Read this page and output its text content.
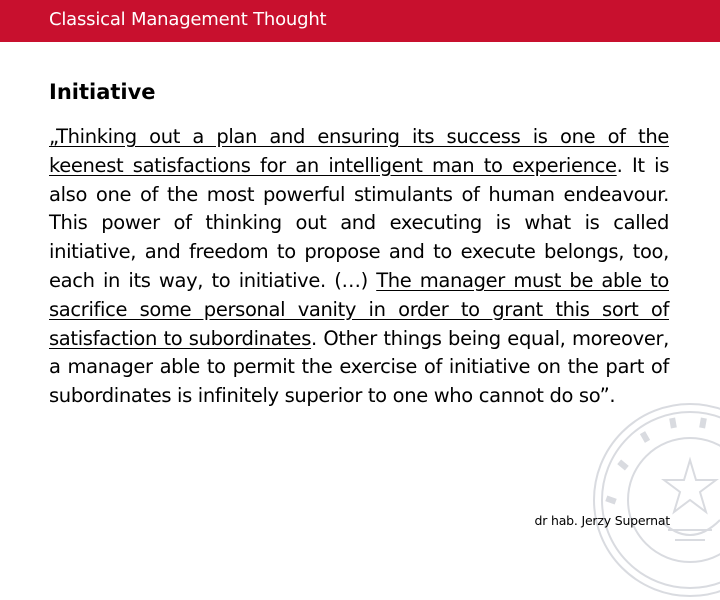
Classical Management Thought
Initiative
„Thinking out a plan and ensuring its success is one of the keenest satisfactions for an intelligent man to experience. It is also one of the most powerful stimulants of human endeavour. This power of thinking out and executing is what is called initiative, and freedom to propose and to execute belongs, too, each in its way, to initiative. (…) The manager must be able to sacrifice some personal vanity in order to grant this sort of satisfaction to subordinates. Other things being equal, moreover, a manager able to permit the exercise of initiative on the part of subordinates is infinitely superior to one who cannot do so”.
dr hab. Jerzy Supernat
